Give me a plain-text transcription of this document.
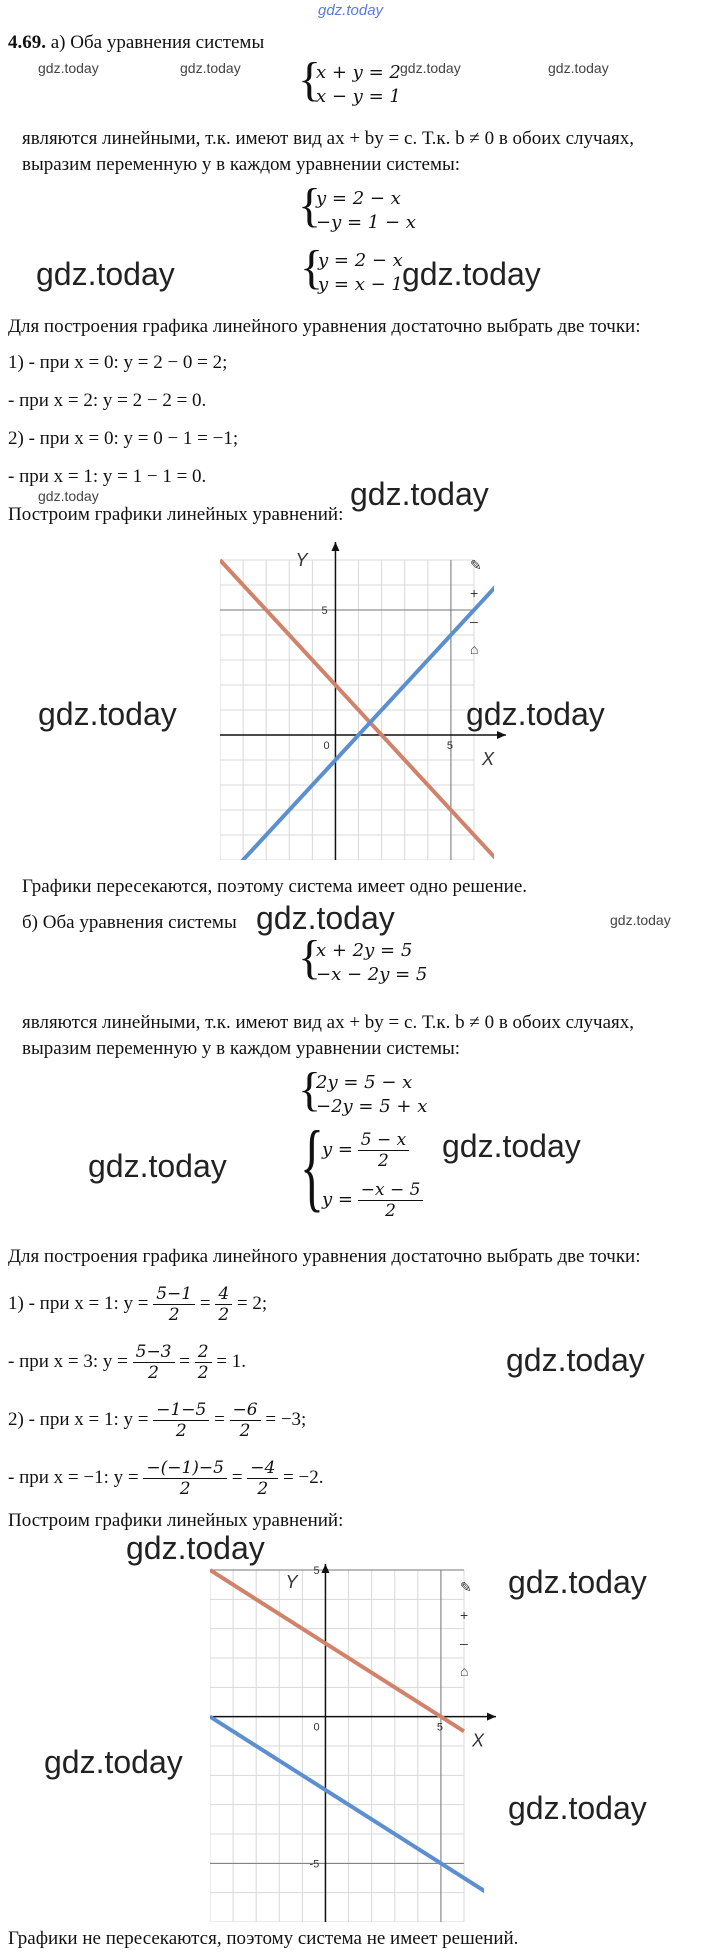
gdz.today
4.69. а) Оба уравнения системы
gdz.today	gdz.today	gdz.today	gdz.today
{
x + y = 2
x − y = 1
являются линейными, т.к. имеют вид ax + by = c. Т.к. b ≠ 0 в обоих случаях,
выразим переменную y в каждом уравнении системы:
{
y = 2 − x
−y = 1 − x
gdz.today	{
y = 2 − x
y = x − 1 gdz.today
Для построения графика линейного уравнения достаточно выбрать две точки:
1) - при x = 0: y = 2 − 0 = 2;
- при x = 2: y = 2 − 2 = 0.
2) - при x = 0: y = 0 − 1 = −1;
- при x = 1: y = 1 − 1 = 0.
gdz.today
Построим графики линейных уравнений:
gdz.today
Y
X
0	5
5
✎
+
–
⌂
gdz.today	gdz.today
Графики пересекаются, поэтому система имеет одно решение.
б) Оба уравнения системы gdz.today	gdz.today
{
x + 2y = 5
−x − 2y = 5
являются линейными, т.к. имеют вид ax + by = c. Т.к. b ≠ 0 в обоих случаях,
выразим переменную y в каждом уравнении системы:
{
2y = 5 − x
−2y = 5 + x
gdz.today {
$y = \frac{5 - x}{2}$
$y = \frac{-x - 5}{2}$
gdz.today
Для построения графика линейного уравнения достаточно выбрать две точки:
1) - при x = 1: $y = \frac{5-1}{2} = \frac{4}{2} = 2$;
- при x = 3: $y = \frac{5-3}{2} = \frac{2}{2} = 1$.	gdz.today
2) - при x = 1: $y = \frac{-1-5}{2} = \frac{-6}{2} = -3$;
- при x = −1: $y = \frac{-(-1)-5}{2} = \frac{-4}{2} = -2$.
Построим графики линейных уравнений:
gdz.today
Y
X
0	5
5
-5
✎
+
–
⌂
gdz.today
gdz.today
gdz.today
Графики не пересекаются, поэтому система не имеет решений.
